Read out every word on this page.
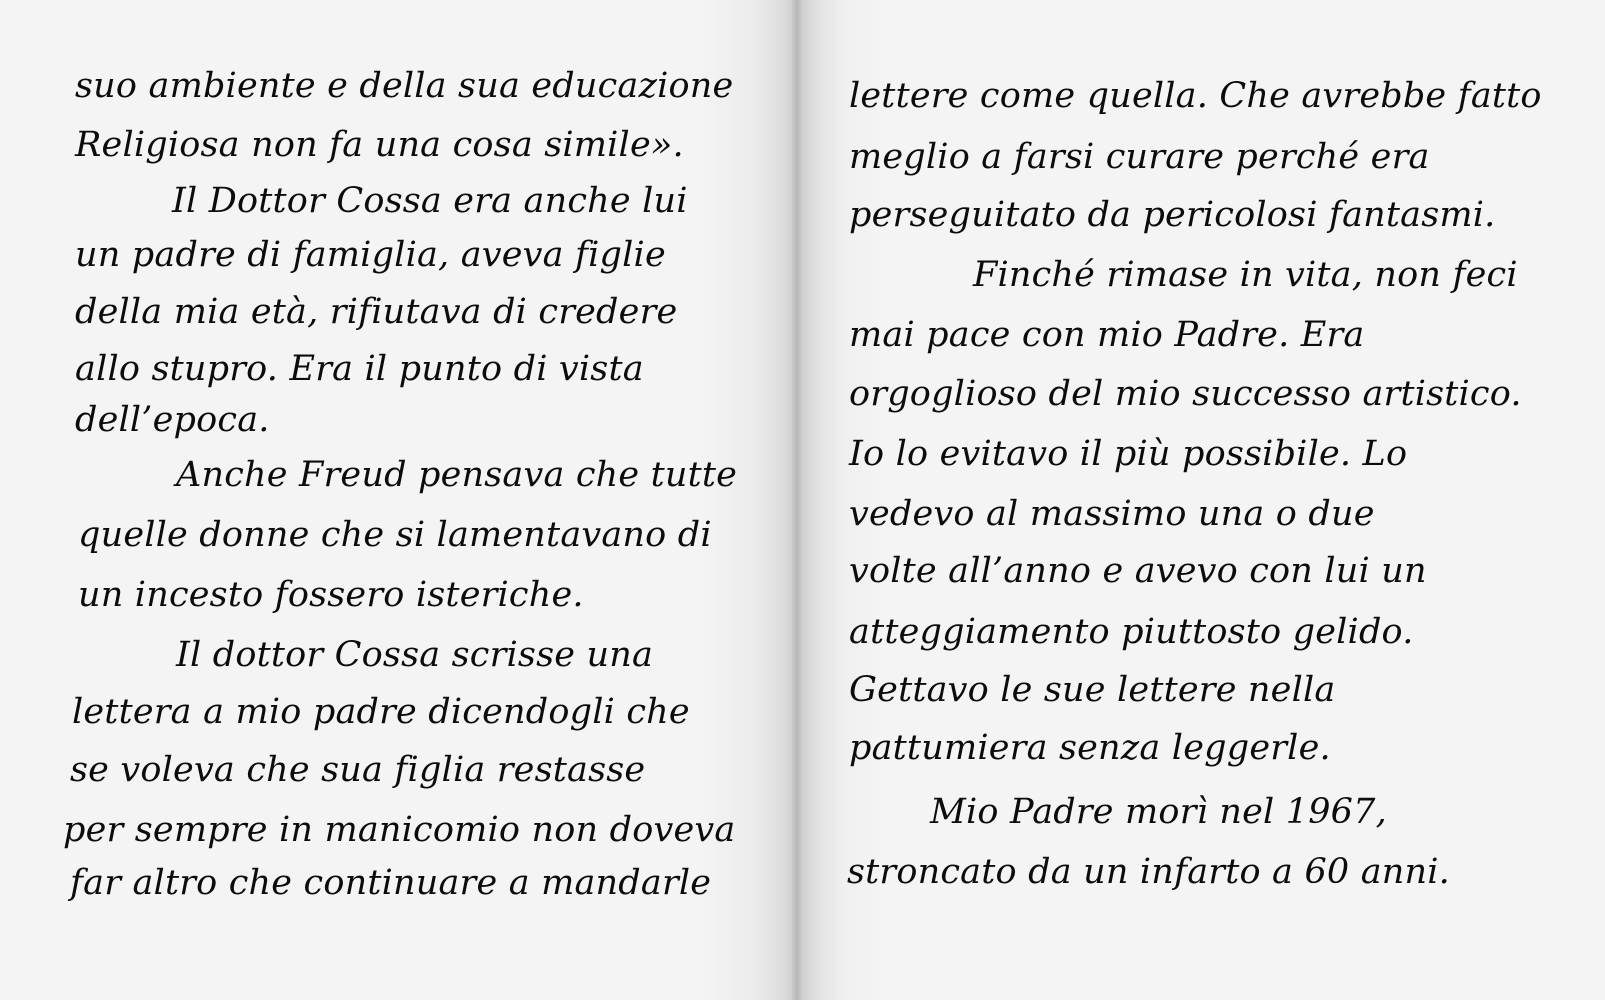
suo ambiente e della sua educazione
Religiosa non fa una cosa simile».
Il Dottor Cossa era anche lui
un padre di famiglia, aveva figlie
della mia età, rifiutava di credere
allo stupro. Era il punto di vista
dell’epoca.
Anche Freud pensava che tutte
quelle donne che si lamentavano di
un incesto fossero isteriche.
Il dottor Cossa scrisse una
lettera a mio padre dicendogli che
se voleva che sua figlia restasse
per sempre in manicomio non doveva
far altro che continuare a mandarle
lettere come quella. Che avrebbe fatto
meglio a farsi curare perché era
perseguitato da pericolosi fantasmi.
Finché rimase in vita, non feci
mai pace con mio Padre. Era
orgoglioso del mio successo artistico.
Io lo evitavo il più possibile. Lo
vedevo al massimo una o due
volte all’anno e avevo con lui un
atteggiamento piuttosto gelido.
Gettavo le sue lettere nella
pattumiera senza leggerle.
Mio Padre morì nel 1967,
stroncato da un infarto a 60 anni.
